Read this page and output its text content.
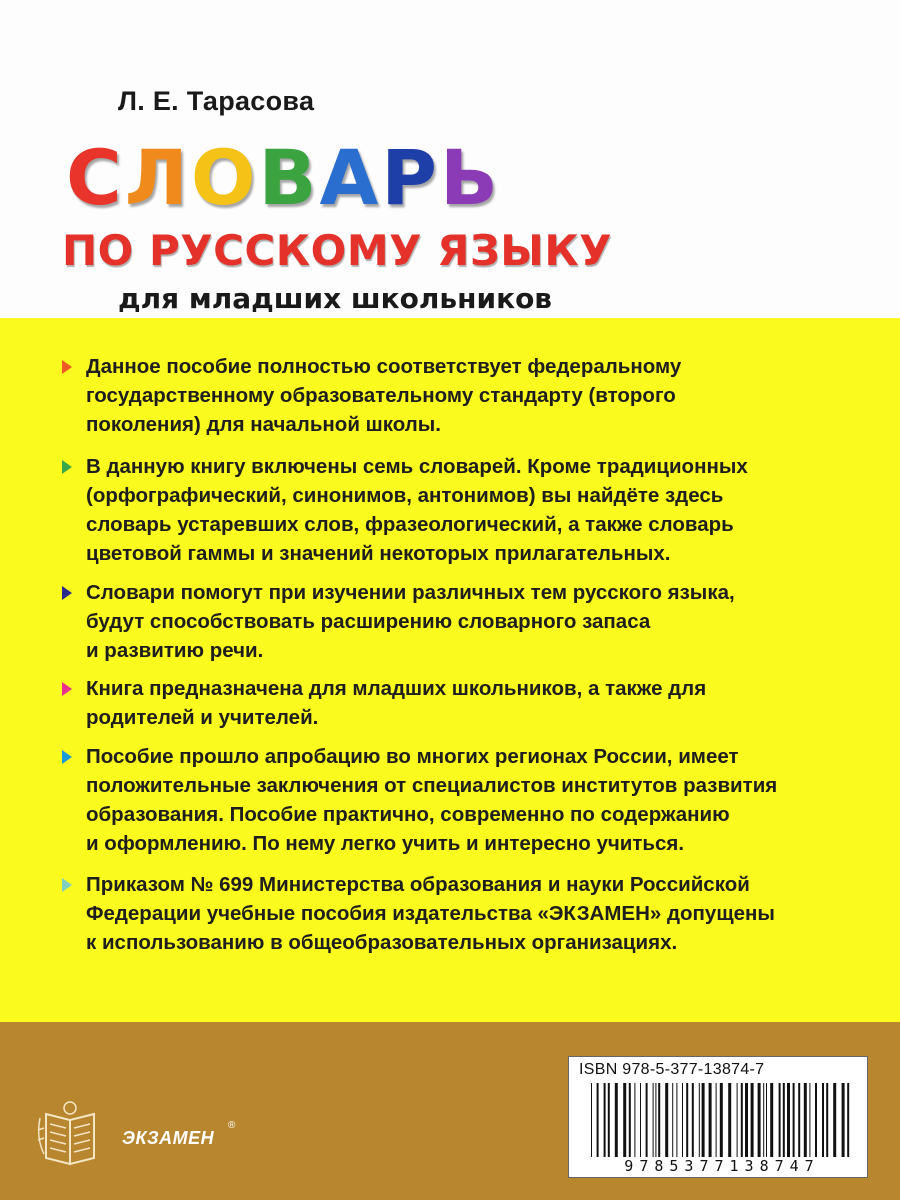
Л. Е. Тарасова
СЛОВАРЬ
ПО РУССКОМУ ЯЗЫКУ
для младших школьников
Данное пособие полностью соответствует федеральному
государственному образовательному стандарту (второго
поколения) для начальной школы.
В данную книгу включены семь словарей. Кроме традиционных
(орфографический, синонимов, антонимов) вы найдёте здесь
словарь устаревших слов, фразеологический, а также словарь
цветовой гаммы и значений некоторых прилагательных.
Словари помогут при изучении различных тем русского языка,
будут способствовать расширению словарного запаса
и развитию речи.
Книга предназначена для младших школьников, а также для
родителей и учителей.
Пособие прошло апробацию во многих регионах России, имеет
положительные заключения от специалистов институтов развития
образования. Пособие практично, современно по содержанию
и оформлению. По нему легко учить и интересно учиться.
Приказом № 699 Министерства образования и науки Российской
Федерации учебные пособия издательства «ЭКЗАМЕН» допущены
к использованию в общеобразовательных организациях.
ЭКЗАМЕН
®
ISBN 978-5-377-13874-7
9785377138747
